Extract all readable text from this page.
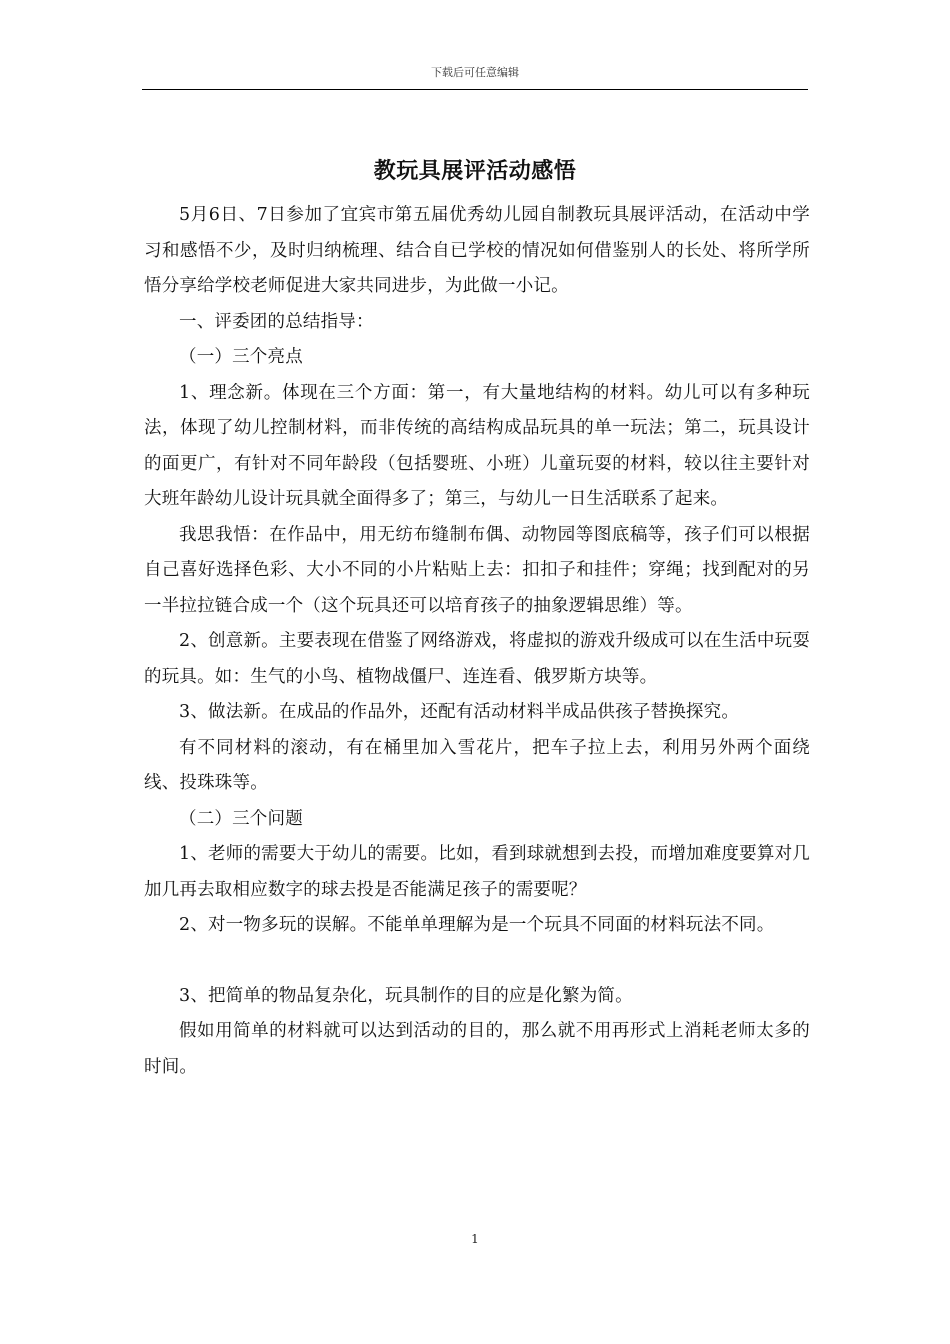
下载后可任意编辑
教玩具展评活动感悟

5月6日、7日参加了宜宾市第五届优秀幼儿园自制教玩具展评活动，在活动中学习和感悟不少，及时归纳梳理、结合自已学校的情况如何借鉴别人的长处、将所学所悟分享给学校老师促进大家共同进步，为此做一小记。

一、评委团的总结指导：

（一）三个亮点

1、理念新。体现在三个方面：第一，有大量地结构的材料。幼儿可以有多种玩法，体现了幼儿控制材料，而非传统的高结构成品玩具的单一玩法；第二，玩具设计的面更广，有针对不同年龄段（包括婴班、小班）儿童玩耍的材料，较以往主要针对大班年龄幼儿设计玩具就全面得多了；第三，与幼儿一日生活联系了起来。

我思我悟：在作品中，用无纺布缝制布偶、动物园等图底稿等，孩子们可以根据自己喜好选择色彩、大小不同的小片粘贴上去：扣扣子和挂件；穿绳；找到配对的另一半拉拉链合成一个（这个玩具还可以培育孩子的抽象逻辑思维）等。

2、创意新。主要表现在借鉴了网络游戏，将虚拟的游戏升级成可以在生活中玩耍的玩具。如：生气的小鸟、植物战僵尸、连连看、俄罗斯方块等。

3、做法新。在成品的作品外，还配有活动材料半成品供孩子替换探究。

有不同材料的滚动，有在桶里加入雪花片，把车子拉上去，利用另外两个面绕线、投珠珠等。

（二）三个问题

1、老师的需要大于幼儿的需要。比如，看到球就想到去投，而增加难度要算对几加几再去取相应数字的球去投是否能满足孩子的需要呢？

2、对一物多玩的误解。不能单单理解为是一个玩具不同面的材料玩法不同。

3、把简单的物品复杂化，玩具制作的目的应是化繁为简。

假如用简单的材料就可以达到活动的目的，那么就不用再形式上消耗老师太多的时间。

1
